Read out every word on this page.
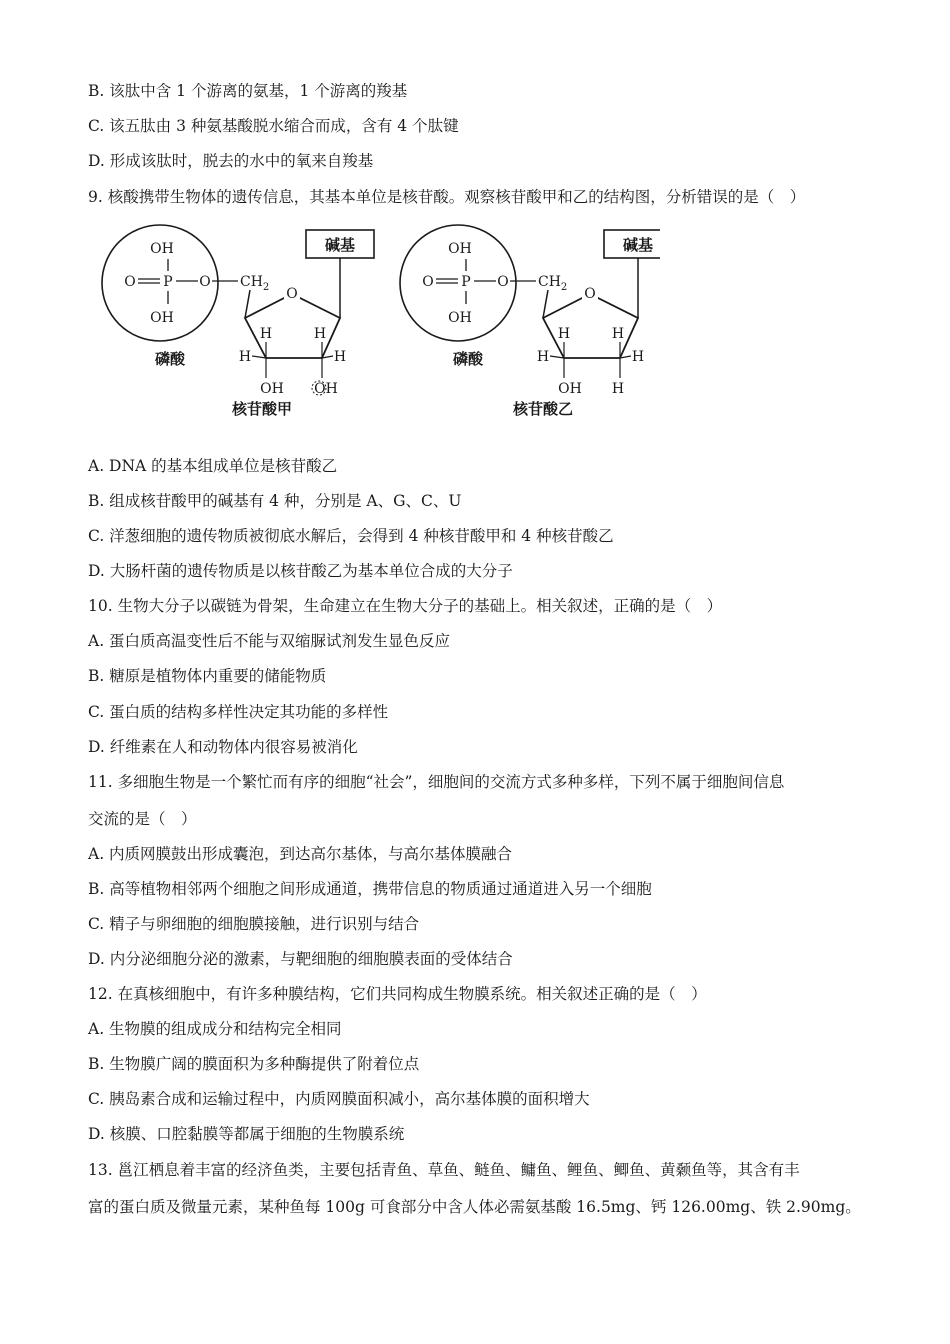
B. 该肽中含 1 个游离的氨基，1 个游离的羧基
C. 该五肽由 3 种氨基酸脱水缩合而成，含有 4 个肽键
D. 形成该肽时，脱去的水中的氧来自羧基
9. 核酸携带生物体的遗传信息，其基本单位是核苷酸。观察核苷酸甲和乙的结构图，分析错误的是（　）
OH
O P O
OH
磷酸
$CH_2$
碱基
O
H	H
H	H
OH OH
核苷酸甲
OH
O P O
OH
磷酸
$CH_2$
碱基
O
H	H
H	H
OH H
核苷酸乙
A. DNA 的基本组成单位是核苷酸乙
B. 组成核苷酸甲的碱基有 4 种，分别是 A、G、C、U
C. 洋葱细胞的遗传物质被彻底水解后，会得到 4 种核苷酸甲和 4 种核苷酸乙
D. 大肠杆菌的遗传物质是以核苷酸乙为基本单位合成的大分子
10. 生物大分子以碳链为骨架，生命建立在生物大分子的基础上。相关叙述，正确的是（　）
A. 蛋白质高温变性后不能与双缩脲试剂发生显色反应
B. 糖原是植物体内重要的储能物质
C. 蛋白质的结构多样性决定其功能的多样性
D. 纤维素在人和动物体内很容易被消化
11. 多细胞生物是一个繁忙而有序的细胞“社会”，细胞间的交流方式多种多样，下列不属于细胞间信息
交流的是（　）
A. 内质网膜鼓出形成囊泡，到达高尔基体，与高尔基体膜融合
B. 高等植物相邻两个细胞之间形成通道，携带信息的物质通过通道进入另一个细胞
C. 精子与卵细胞的细胞膜接触，进行识别与结合
D. 内分泌细胞分泌的激素，与靶细胞的细胞膜表面的受体结合
12. 在真核细胞中，有许多种膜结构，它们共同构成生物膜系统。相关叙述正确的是（　）
A. 生物膜的组成成分和结构完全相同
B. 生物膜广阔的膜面积为多种酶提供了附着位点
C. 胰岛素合成和运输过程中，内质网膜面积减小，高尔基体膜的面积增大
D. 核膜、口腔黏膜等都属于细胞的生物膜系统
13. 邕江栖息着丰富的经济鱼类，主要包括青鱼、草鱼、鲢鱼、鳙鱼、鲤鱼、鲫鱼、黄颡鱼等，其含有丰
富的蛋白质及微量元素，某种鱼每 100g 可食部分中含人体必需氨基酸 16.5mg、钙 126.00mg、铁 2.90mg。
